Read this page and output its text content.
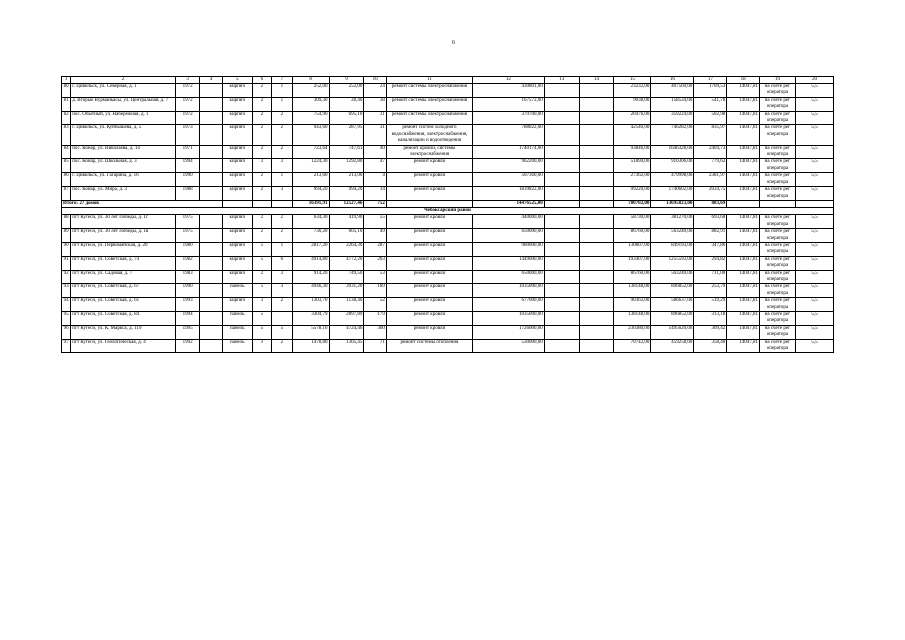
6
1	2	3	4	5	6	7	8	9	10	11	12	13	14	15	16	17	18	19	20
80	г. Цивильск, ул. Северная, д. 1	1972		кирпич	2	1	252,00	252,00	24	ремонт системы электроснабжения	430801,00			23232,00	407569,00	1709,53	14047,81	на счете рег оператора	5,5
81	д. Вторые Вурманкасы, ул. Центральная, д. 7	1972		кирпич	2	1	309,30	28,40	38	ремонт системы электроснабжения	167572,00			9038,00	158534,00	541,78	14047,81	на счете рег оператора	5,5
82	пос. Опытный, ул. Набережная, д. 1	1972		кирпич	2	2	754,90	695,10	31	ремонт системы электроснабжения	379700,00			20476,00	359224,00	502,98	14047,81	на счете рег оператора	5,5
83	г. Цивильск, ул. Куйбышева, д. 5	1973		кирпич	2	2	943,60	287,95	31	ремонт систем холодного водоснабжения, электроснабжения, канализации и водоотведения	788822,00			42540,00	746282,00	835,97	14047,81	на счете рег оператора	5,5
84	пос. Конар, ул. Николаева, д. 14	1971		кирпич	2	2	723,64	747,61	40	ремонт кровли, системы электроснабжения	1740174,00			93846,00	1646328,00	2404,73	14047,81	на счете рег оператора	5,5
85	пос. Конар, ул. Школьная, д. 3	1994		кирпич	3	3	1224,30	1292,80	47	ремонт кровли	962200,00			51894,00	910306,00	779,62	14047,81	на счете рег оператора	5,5
86	г. Цивильск, ул. Гагарина, д. 16	1990		кирпич	2	1	213,00	213,00	4	ремонт кровли	507360,00			27362,00	479998,00	2381,97	14047,81	на счете рег оператора	5,5
87	пос. Конар, ул. Мира, д. 3	1988		кирпич	2	3	994,20	994,20	34	ремонт кровли	1839822,00			99220,00	1740602,00	2034,75	14047,81	на счете рег оператора	5,5
Итого: 27 домов							16391,91	12527,46	752		14476525,00			780702,00	13695823,00	883,69			
Чебоксарский район																			
88	пгт Кугеси, ул. 30 лет Победы, д. 1г	1975		кирпич	2	2	634,30	419,90	55	ремонт кровли	440000,00			58730,00	381270,00	693,68	14047,81	на счете рег оператора	5,5
89	пгт Кугеси, ул. 30 лет Победы, д. 1в	1975		кирпич	2	2	736,20	605,10	49	ремонт кровли	650000,00			86760,00	563240,00	882,91	14047,81	на счете рег оператора	5,5
90	пгт Кугеси, ул. Первомайская, д. 20	1980		кирпич	5	1	2817,20	2264,30	287	ремонт кровли	980000,00			130807,00	849193,00	347,86	14047,81	на счете рег оператора	5,5
91	пгт Кугеси, ул. Советская, д. 74	1982		кирпич	5	6	4914,80	4772,20	203	ремонт кровли	1449000,00			193407,00	1255593,00	294,82	14047,81	на счете рег оператора	5,5
92	пгт Кугеси, ул. Садовая, д. 7	1983		кирпич	2	3	914,20	749,50	53	ремонт кровли	650000,00			86760,00	563240,00	711,00	14047,81	на счете рег оператора	5,5
93	пгт Кугеси, ул. Советская, д. 67	1990		панель	5	3	4946,30	3931,20	189	ремонт кровли	1035000,00			138148,00	896852,00	253,79	14047,81	на счете рег оператора	5,5
94	пгт Кугеси, ул. Советская, д. 61	1993		кирпич	3	2	1303,70	1138,40	52	ремонт кровли	677000,00			90363,00	586637,00	519,29	14047,81	на счете рег оператора	5,5
95	пгт Кугеси, ул. Советская, д. 84	1994		панель	5		3304,79	2897,89	179	ремонт кровли	1035000,00			138148,00	896852,00	313,18	14047,81	на счете рег оператора	5,5
96	пгт Кугеси, ул. К. Маркса, д. 119	1995		панель	5	5	5578,16	4724,46	300	ремонт кровли	1726000,00			230380,00	1495620,00	309,42	14047,81	на счете рег оператора	5,5
97	пгт Кугеси, ул. Геологическая, д. 4	1992		панель	3	2	1478,80	1305,45	71	ремонт системы отопления	530000,00			70742,00	459258,00	358,40	14047,81	на счете рег оператора	5,5
